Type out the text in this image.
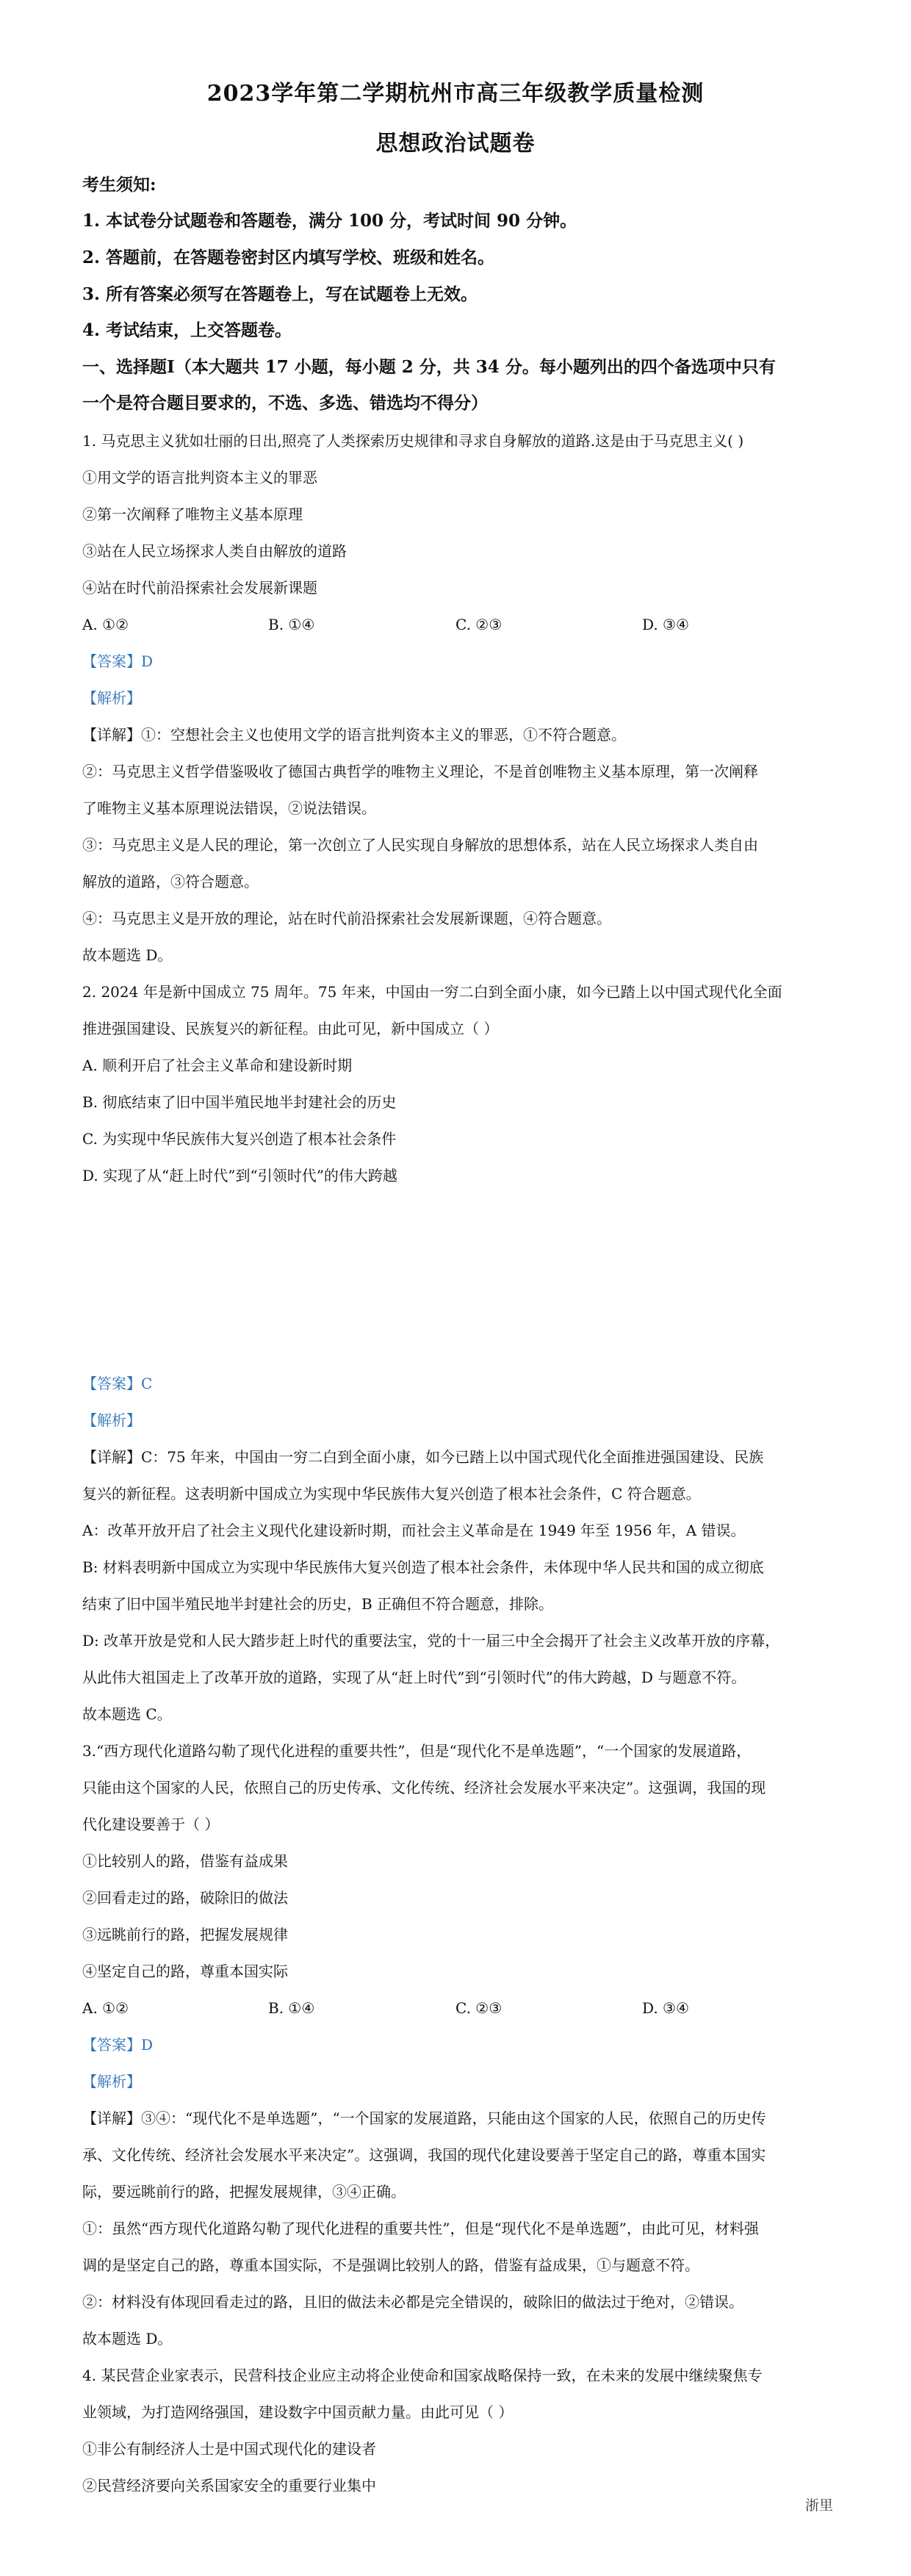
2023学年第二学期杭州市高三年级教学质量检测
思想政治试题卷
考生须知:
1. 本试卷分试题卷和答题卷，满分 100 分，考试时间 90 分钟。
2. 答题前，在答题卷密封区内填写学校、班级和姓名。
3. 所有答案必须写在答题卷上，写在试题卷上无效。
4. 考试结束，上交答题卷。
一、选择题Ⅰ（本大题共 17 小题，每小题 2 分，共 34 分。每小题列出的四个备选项中只有
一个是符合题目要求的，不选、多选、错选均不得分）
1. 马克思主义犹如壮丽的日出,照亮了人类探索历史规律和寻求自身解放的道路.这是由于马克思主义( )
①用文学的语言批判资本主义的罪恶
②第一次阐释了唯物主义基本原理
③站在人民立场探求人类自由解放的道路
④站在时代前沿探索社会发展新课题
A. ①②	B. ①④	C. ②③	D. ③④
【答案】D
【解析】
【详解】①：空想社会主义也使用文学的语言批判资本主义的罪恶，①不符合题意。
②：马克思主义哲学借鉴吸收了德国古典哲学的唯物主义理论，不是首创唯物主义基本原理，第一次阐释
了唯物主义基本原理说法错误，②说法错误。
③：马克思主义是人民的理论，第一次创立了人民实现自身解放的思想体系，站在人民立场探求人类自由
解放的道路，③符合题意。
④：马克思主义是开放的理论，站在时代前沿探索社会发展新课题，④符合题意。
故本题选 D。
2. 2024 年是新中国成立 75 周年。75 年来，中国由一穷二白到全面小康，如今已踏上以中国式现代化全面
推进强国建设、民族复兴的新征程。由此可见，新中国成立（ ）
A. 顺利开启了社会主义革命和建设新时期
B. 彻底结束了旧中国半殖民地半封建社会的历史
C. 为实现中华民族伟大复兴创造了根本社会条件
D. 实现了从“赶上时代”到“引领时代”的伟大跨越
【答案】C
【解析】
【详解】C：75 年来，中国由一穷二白到全面小康，如今已踏上以中国式现代化全面推进强国建设、民族
复兴的新征程。这表明新中国成立为实现中华民族伟大复兴创造了根本社会条件，C 符合题意。
A：改革开放开启了社会主义现代化建设新时期，而社会主义革命是在 1949 年至 1956 年，A 错误。
B: 材料表明新中国成立为实现中华民族伟大复兴创造了根本社会条件，未体现中华人民共和国的成立彻底
结束了旧中国半殖民地半封建社会的历史，B 正确但不符合题意，排除。
D: 改革开放是党和人民大踏步赶上时代的重要法宝，党的十一届三中全会揭开了社会主义改革开放的序幕，
从此伟大祖国走上了改革开放的道路，实现了从“赶上时代”到“引领时代”的伟大跨越，D 与题意不符。
故本题选 C。
3.“西方现代化道路勾勒了现代化进程的重要共性”，但是“现代化不是单选题”，“一个国家的发展道路，
只能由这个国家的人民，依照自己的历史传承、文化传统、经济社会发展水平来决定”。这强调，我国的现
代化建设要善于（ ）
①比较别人的路，借鉴有益成果
②回看走过的路，破除旧的做法
③远眺前行的路，把握发展规律
④坚定自己的路，尊重本国实际
A. ①②	B. ①④	C. ②③	D. ③④
【答案】D
【解析】
【详解】③④：“现代化不是单选题”，“一个国家的发展道路，只能由这个国家的人民，依照自己的历史传
承、文化传统、经济社会发展水平来决定”。这强调，我国的现代化建设要善于坚定自己的路，尊重本国实
际，要远眺前行的路，把握发展规律，③④正确。
①：虽然“西方现代化道路勾勒了现代化进程的重要共性”，但是“现代化不是单选题”，由此可见，材料强
调的是坚定自己的路，尊重本国实际，不是强调比较别人的路，借鉴有益成果，①与题意不符。
②：材料没有体现回看走过的路，且旧的做法未必都是完全错误的，破除旧的做法过于绝对，②错误。
故本题选 D。
4. 某民营企业家表示，民营科技企业应主动将企业使命和国家战略保持一致，在未来的发展中继续聚焦专
业领域，为打造网络强国，建设数字中国贡献力量。由此可见（ ）
①非公有制经济人士是中国式现代化的建设者
②民营经济要向关系国家安全的重要行业集中
浙里
